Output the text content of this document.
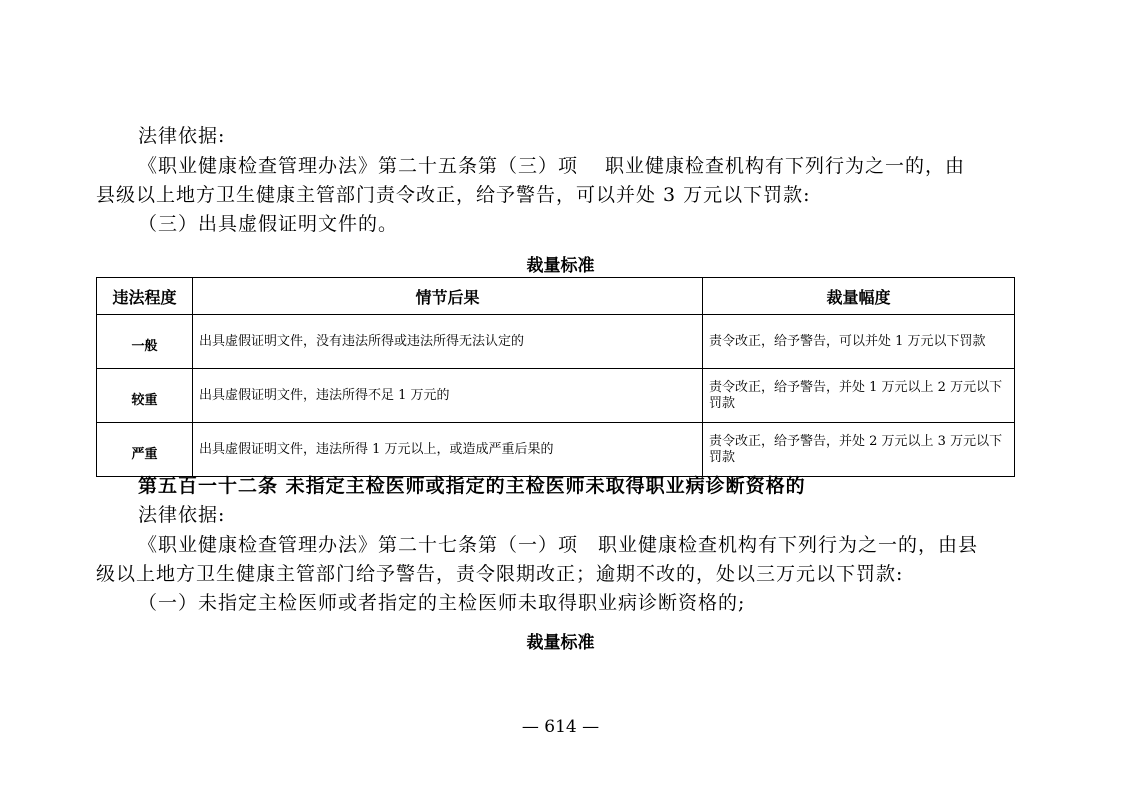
法律依据:
《职业健康检查管理办法》第二十五条第（三）项　 职业健康检查机构有下列行为之一的，由
县级以上地方卫生健康主管部门责令改正，给予警告，可以并处 3 万元以下罚款:
（三）出具虚假证明文件的。
裁量标准
违法程度	情节后果	裁量幅度
一般	出具虚假证明文件，没有违法所得或违法所得无法认定的	责令改正，给予警告，可以并处 1 万元以下罚款
较重	出具虚假证明文件，违法所得不足 1 万元的	责令改正，给予警告，并处 1 万元以上 2 万元以下罚款
严重	出具虚假证明文件，违法所得 1 万元以上，或造成严重后果的	责令改正，给予警告，并处 2 万元以上 3 万元以下罚款
第五百一十二条 未指定主检医师或指定的主检医师未取得职业病诊断资格的
法律依据:
《职业健康检查管理办法》第二十七条第（一）项　职业健康检查机构有下列行为之一的，由县
级以上地方卫生健康主管部门给予警告，责令限期改正；逾期不改的，处以三万元以下罚款:
（一）未指定主检医师或者指定的主检医师未取得职业病诊断资格的;
裁量标准
— 614 —
